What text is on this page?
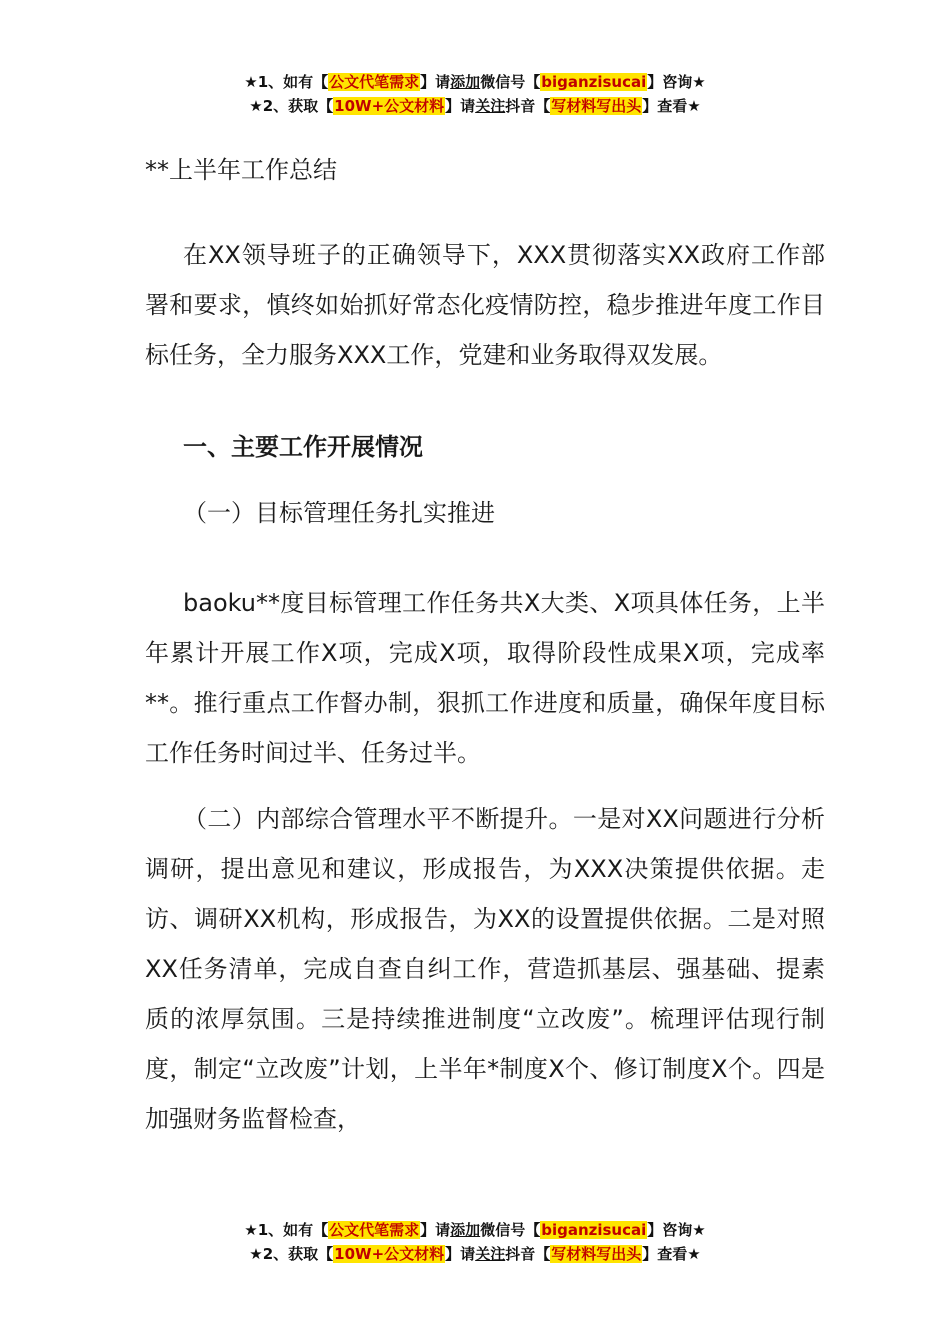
★1、如有【公文代笔需求】请添加微信号【biganzisucai】咨询★
★2、获取【10W+公文材料】请关注抖音【写材料写出头】查看★
**上半年工作总结

在XX领导班子的正确领导下，XXX贯彻落实XX政府工作部署和要求，慎终如始抓好常态化疫情防控，稳步推进年度工作目标任务，全力服务XXX工作，党建和业务取得双发展。

一、主要工作开展情况
（一）目标管理任务扎实推进

baoku**度目标管理工作任务共X大类、X项具体任务，上半年累计开展工作X项，完成X项，取得阶段性成果X项，完成率**。推行重点工作督办制，狠抓工作进度和质量，确保年度目标工作任务时间过半、任务过半。

（二）内部综合管理水平不断提升。一是对XX问题进行分析调研，提出意见和建议，形成报告，为XXX决策提供依据。走访、调研XX机构，形成报告，为XX的设置提供依据。二是对照XX任务清单，完成自查自纠工作，营造抓基层、强基础、提素质的浓厚氛围。三是持续推进制度“立改废”。梳理评估现行制度，制定“立改废”计划，上半年*制度X个、修订制度X个。四是加强财务监督检查，

★1、如有【公文代笔需求】请添加微信号【biganzisucai】咨询★
★2、获取【10W+公文材料】请关注抖音【写材料写出头】查看★
